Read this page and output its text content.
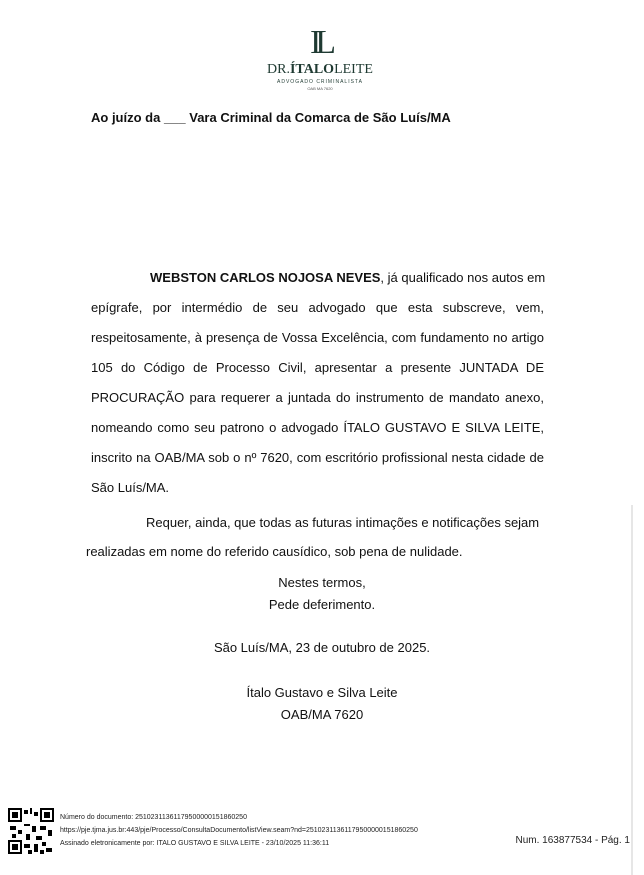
IL
DR.ÍTALOLEITE
ADVOGADO CRIMINALISTA
OAB MA 7620
Ao juízo da ___ Vara Criminal da Comarca de São Luís/MA
WEBSTON CARLOS NOJOSA NEVES, já qualificado nos autos em
epígrafe, por intermédio de seu advogado que esta subscreve, vem,
respeitosamente, à presença de Vossa Excelência, com fundamento no artigo
105 do Código de Processo Civil, apresentar a presente JUNTADA DE
PROCURAÇÃO para requerer a juntada do instrumento de mandato anexo,
nomeando como seu patrono o advogado ÍTALO GUSTAVO E SILVA LEITE,
inscrito na OAB/MA sob o nº 7620, com escritório profissional nesta cidade de
São Luís/MA.
Requer, ainda, que todas as futuras intimações e notificações sejam
realizadas em nome do referido causídico, sob pena de nulidade.
Nestes termos,
Pede deferimento.
São Luís/MA, 23 de outubro de 2025.
Ítalo Gustavo e Silva Leite
OAB/MA 7620
Número do documento: 25102311361179500000151860250
https://pje.tjma.jus.br:443/pje/Processo/ConsultaDocumento/listView.seam?nd=25102311361179500000151860250
Assinado eletronicamente por: ITALO GUSTAVO E SILVA LEITE - 23/10/2025 11:36:11	Num. 163877534 - Pág. 1
